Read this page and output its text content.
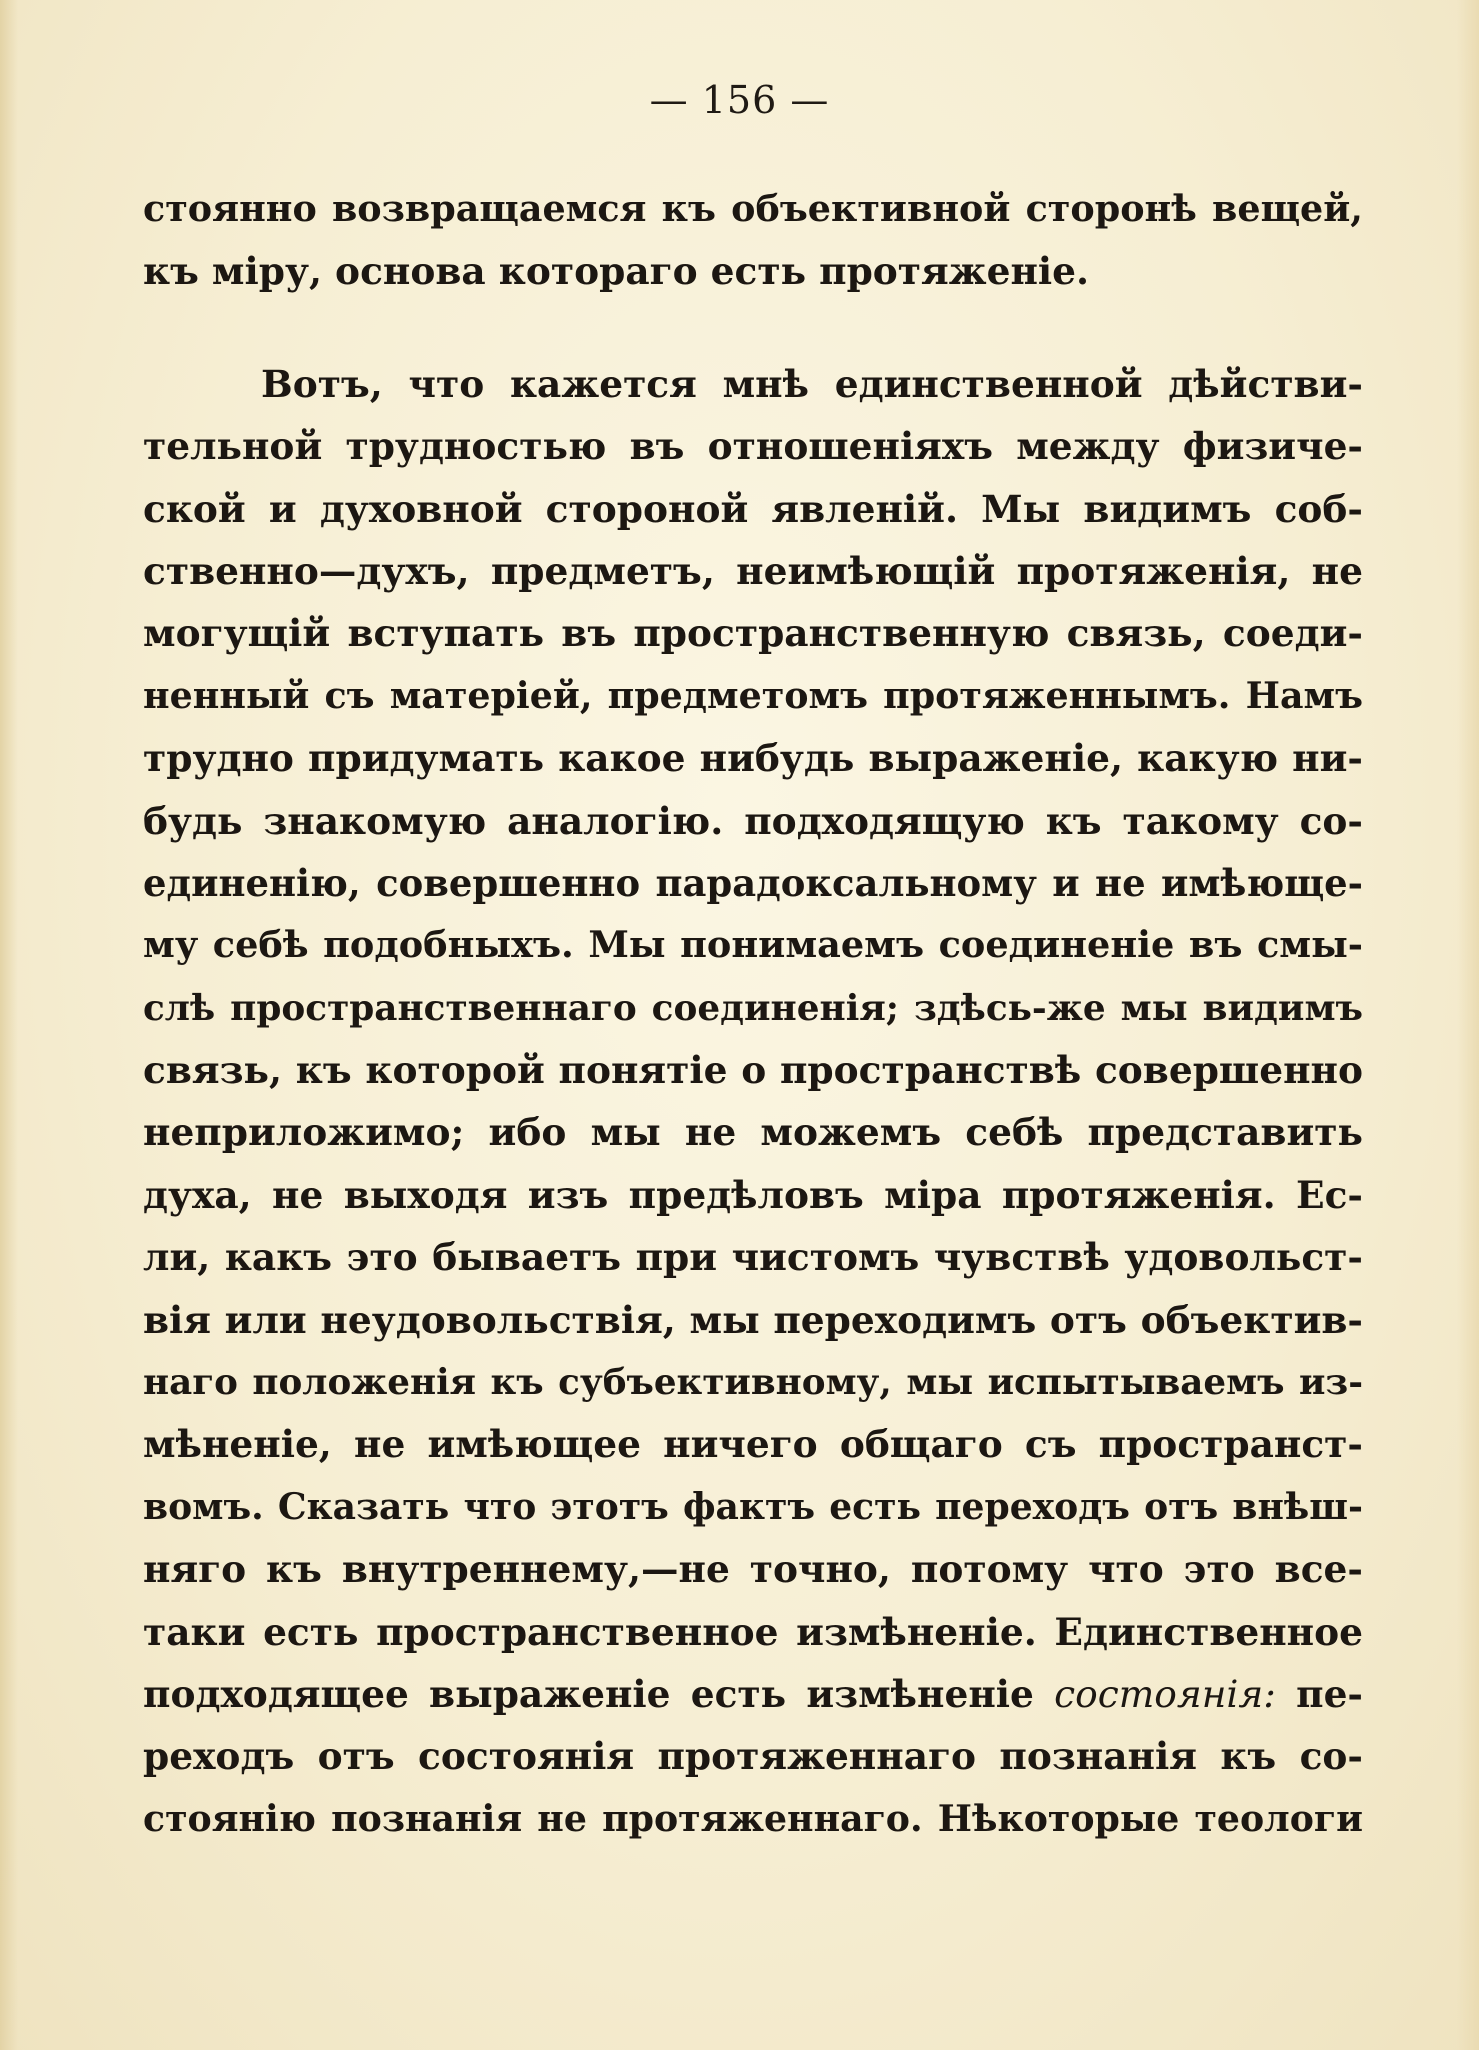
— 156 —
стоянно возвращаемся къ объективной сторонѣ вещей,
къ міру, основа котораго есть протяженіе.
Вотъ, что кажется мнѣ единственной дѣйстви-
тельной трудностью въ отношеніяхъ между физиче-
ской и духовной стороной явленій. Мы видимъ соб-
ственно—духъ, предметъ, неимѣющій протяженія, не
могущій вступать въ пространственную связь, соеди-
ненный съ матеріей, предметомъ протяженнымъ. Намъ
трудно придумать какое нибудь выраженіе, какую ни-
будь знакомую аналогію. подходящую къ такому со-
единенію, совершенно парадоксальному и не имѣюще-
му себѣ подобныхъ. Мы понимаемъ соединеніе въ смы-
слѣ пространственнаго соединенія; здѣсь-же мы видимъ
связь, къ которой понятіе о пространствѣ совершенно
неприложимо; ибо мы не можемъ себѣ представить
духа, не выходя изъ предѣловъ міра протяженія. Ес-
ли, какъ это бываетъ при чистомъ чувствѣ удовольст-
вія или неудовольствія, мы переходимъ отъ объектив-
наго положенія къ субъективному, мы испытываемъ из-
мѣненіе, не имѣющее ничего общаго съ пространст-
вомъ. Сказать что этотъ фактъ есть переходъ отъ внѣш-
няго къ внутреннему,—не точно, потому что это все-
таки есть пространственное измѣненіе. Единственное
подходящее выраженіе есть измѣненіе состоянія: пе-
реходъ отъ состоянія протяженнаго познанія къ со-
стоянію познанія не протяженнаго. Нѣкоторые теологи
